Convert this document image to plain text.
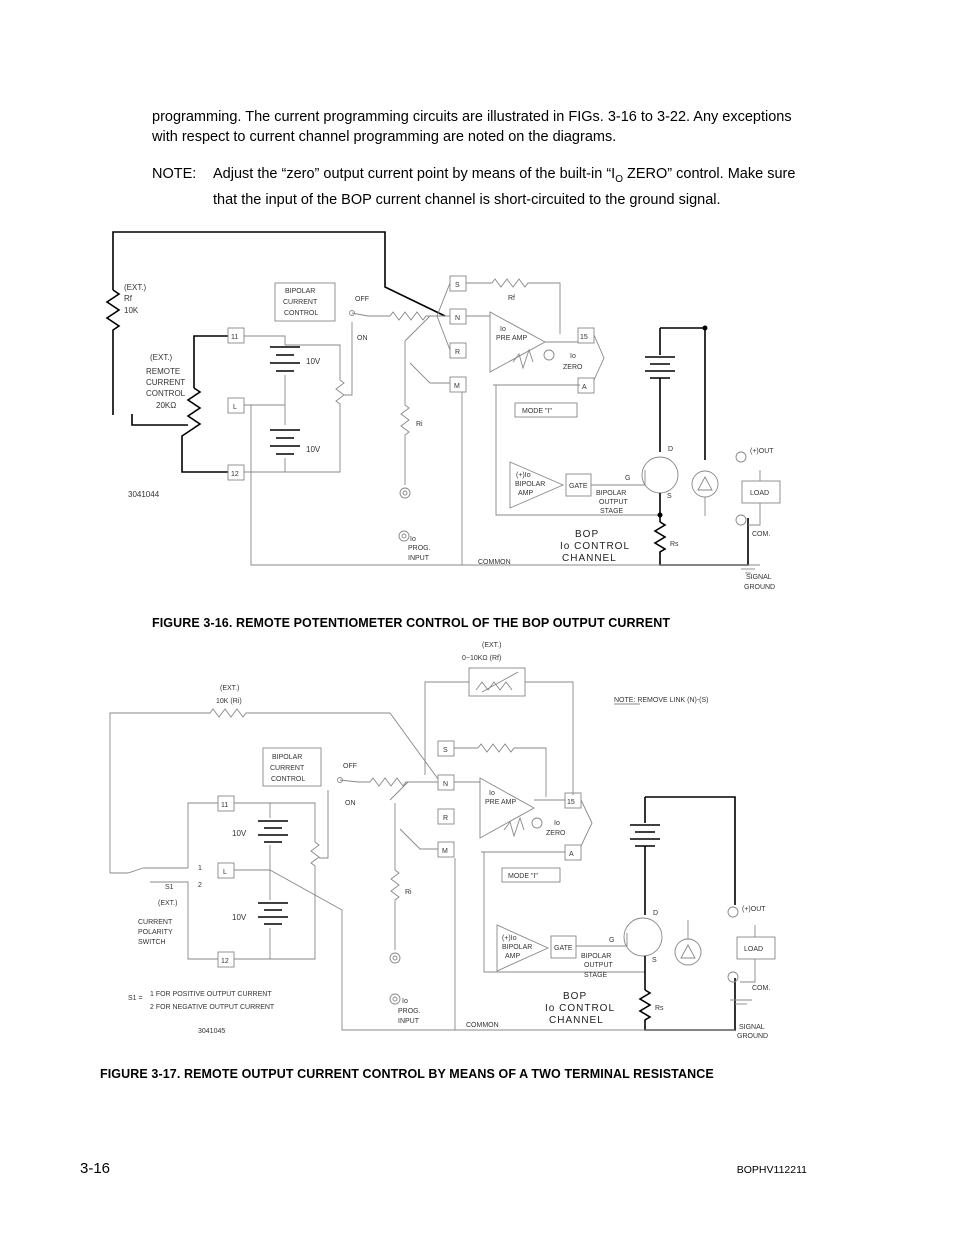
programming. The current programming circuits are illustrated in FIGs. 3-16 to 3-22. Any exceptions with respect to current channel programming are noted on the diagrams.
NOTE: Adjust the “zero” output current point by means of the built-in “$I_O$ ZERO” control. Make sure that the input of the BOP current channel is short-circuited to the ground signal.
(EXT.)
Rf
10K
(EXT.)
REMOTE
CURRENT
CONTROL
20KΩ
11
L
12
BIPOLAR
CURRENT
CONTROL
10V
10V
OFF
ON
S
N
R
M
Rf
Io
PRE AMP	15
A
Io
ZERO
MODE "I"
(+)Io
BIPOLAR
AMP
GATE
BIPOLAR
OUTPUT
STAGE
D
G
S
Rs
(+)OUT
LOAD
COM.
SIGNAL
GROUND
Ri
Io
PROG.
INPUT
COMMON
BOP
Io CONTROL
CHANNEL
3041044
(EXT.)
0−10KΩ (Rf)
NOTE: REMOVE LINK (N)-(S)
(EXT.)
10K (Ri)
BIPOLAR
CURRENT
CONTROL
11
L
12
10V
10V
OFF
ON
1
2
S1
(EXT.)
CURRENT
POLARITY
SWITCH
S1 =
1 FOR POSITIVE OUTPUT CURRENT
2 FOR NEGATIVE OUTPUT CURRENT
3041045
S
N
R
M
Io
PRE AMP	15
A
Io
ZERO
MODE "I"
(+)Io
BIPOLAR
AMP
GATE
BIPOLAR
OUTPUT
STAGE
D
G
S
Rs
(+)OUT
LOAD
COM.
SIGNAL
GROUND
Ri
Io
PROG.
INPUT
COMMON
BOP
Io CONTROL
CHANNEL
FIGURE 3-16. REMOTE POTENTIOMETER CONTROL OF THE BOP OUTPUT CURRENT
FIGURE 3-17. REMOTE OUTPUT CURRENT CONTROL BY MEANS OF A TWO TERMINAL RESISTANCE
3-16	BOPHV112211
